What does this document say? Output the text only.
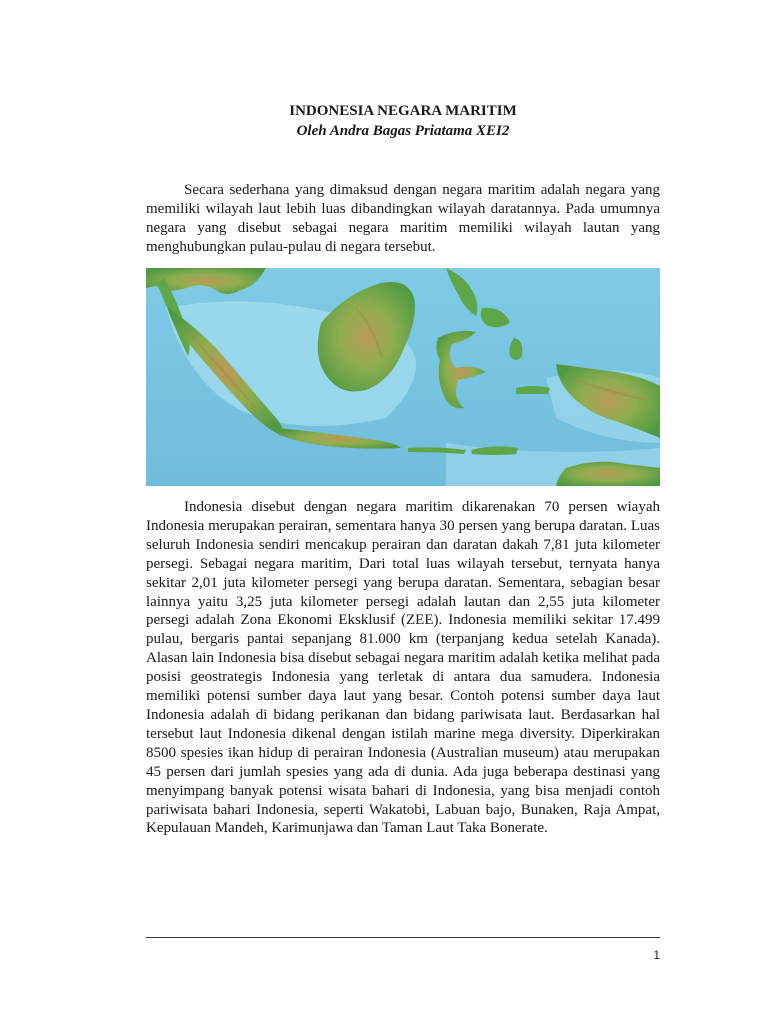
INDONESIA NEGARA MARITIM
Oleh Andra Bagas Priatama XEI2

Secara sederhana yang dimaksud dengan negara maritim adalah negara yang memiliki wilayah laut lebih luas dibandingkan wilayah daratannya. Pada umumnya negara yang disebut sebagai negara maritim memiliki wilayah lautan yang menghubungkan pulau-pulau di negara tersebut.

Indonesia disebut dengan negara maritim dikarenakan 70 persen wiayah Indonesia merupakan perairan, sementara hanya 30 persen yang berupa daratan. Luas seluruh Indonesia sendiri mencakup perairan dan daratan dakah 7,81 juta kilometer persegi. Sebagai negara maritim, Dari total luas wilayah tersebut, ternyata hanya sekitar 2,01 juta kilometer persegi yang berupa daratan. Sementara, sebagian besar lainnya yaitu 3,25 juta kilometer persegi adalah lautan dan 2,55 juta kilometer persegi adalah Zona Ekonomi Eksklusif (ZEE). Indonesia memiliki sekitar 17.499 pulau, bergaris pantai sepanjang 81.000 km (terpanjang kedua setelah Kanada). Alasan lain Indonesia bisa disebut sebagai negara maritim adalah ketika melihat pada posisi geostrategis Indonesia yang terletak di antara dua samudera. Indonesia memiliki potensi sumber daya laut yang besar. Contoh potensi sumber daya laut Indonesia adalah di bidang perikanan dan bidang pariwisata laut. Berdasarkan hal tersebut laut Indonesia dikenal dengan istilah marine mega diversity. Diperkirakan 8500 spesies ikan hidup di perairan Indonesia (Australian museum) atau merupakan 45 persen dari jumlah spesies yang ada di dunia. Ada juga beberapa destinasi yang menyimpang banyak potensi wisata bahari di Indonesia, yang bisa menjadi contoh pariwisata bahari Indonesia, seperti Wakatobi, Labuan bajo, Bunaken, Raja Ampat, Kepulauan Mandeh, Karimunjawa dan Taman Laut Taka Bonerate.

1
